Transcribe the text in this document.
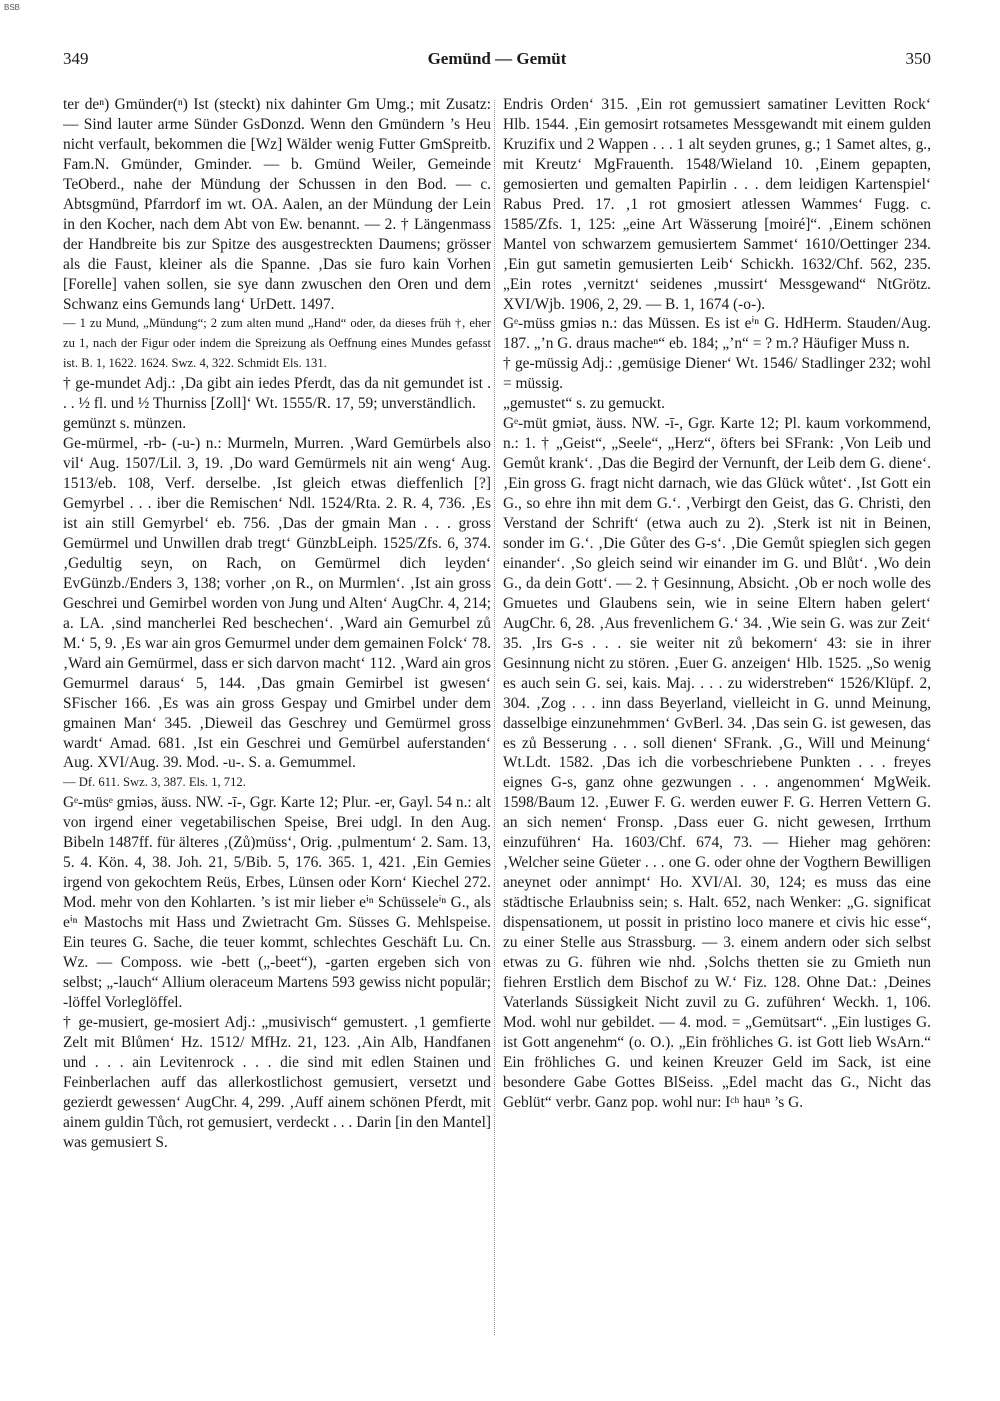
BSB
349	Gemünd — Gemüt	350

ter deⁿ) Gmünder(ⁿ) Ist (steckt) nix dahinter Gm Umg.; mit Zusatz: — Sind lauter arme Sünder GsDonzd. Wenn den Gmündern ’s Heu nicht verfault, bekommen die [Wz] Wälder wenig Futter GmSpreitb. Fam.N. Gmünder, Gminder. — b. Gmünd Weiler, Gemeinde TeOberd., nahe der Mündung der Schussen in den Bod. — c. Abtsgmünd, Pfarrdorf im wt. OA. Aalen, an der Mündung der Lein in den Kocher, nach dem Abt von Ew. benannt. — 2. † Längenmass der Handbreite bis zur Spitze des ausgestreckten Daumens; grösser als die Faust, kleiner als die Spanne. ‚Das sie furo kain Vorhen [Forelle] vahen sollen, sie sye dann zwuschen den Oren und dem Schwanz eins Gemunds lang‘ UrDett. 1497.

— 1 zu Mund, „Mündung“; 2 zum alten mund „Hand“ oder, da dieses früh †, eher zu 1, nach der Figur oder indem die Spreizung als Oeffnung eines Mundes gefasst ist. B. 1, 1622. 1624. Swz. 4, 322. Schmidt Els. 131.

† ge-mundet Adj.: ‚Da gibt ain iedes Pferdt, das da nit gemundet ist . . . ½ fl. und ½ Thurniss [Zoll]‘ Wt. 1555/R. 17, 59; unverständlich.

gemünzt s. münzen.

Ge-mürmel, -rb- (-u-) n.: Murmeln, Murren. ‚Ward Gemürbels also vil‘ Aug. 1507/Lil. 3, 19. ‚Do ward Gemürmels nit ain weng‘ Aug. 1513/eb. 108, Verf. derselbe. ‚Ist gleich etwas dieffenlich [?] Gemyrbel . . . iber die Remischen‘ Ndl. 1524/Rta. 2. R. 4, 736. ‚Es ist ain still Gemyrbel‘ eb. 756. ‚Das der gmain Man . . . gross Gemürmel und Unwillen drab tregt‘ GünzbLeiph. 1525/Zfs. 6, 374. ‚Gedultig seyn, on Rach, on Gemürmel dich leyden‘ EvGünzb./Enders 3, 138; vorher ‚on R., on Murmlen‘. ‚Ist ain gross Geschrei und Gemirbel worden von Jung und Alten‘ AugChr. 4, 214; a. LA. ‚sind mancherlei Red beschechen‘. ‚Ward ain Gemurbel zů M.‘ 5, 9. ‚Es war ain gros Gemurmel under dem gemainen Folck‘ 78. ‚Ward ain Gemürmel, dass er sich darvon macht‘ 112. ‚Ward ain gros Gemurmel daraus‘ 5, 144. ‚Das gmain Gemirbel ist gwesen‘ SFischer 166. ‚Es was ain gross Gespay und Gmirbel under dem gmainen Man‘ 345. ‚Dieweil das Geschrey und Gemürmel gross wardt‘ Amad. 681. ‚Ist ein Geschrei und Gemürbel auferstanden‘ Aug. XVI/Aug. 39. Mod. -u-. S. a. Gemummel.

— Df. 611. Swz. 3, 387. Els. 1, 712.

Gᵉ-müsᵉ gmiəs, äuss. NW. -ī-, Ggr. Karte 12; Plur. -er, Gayl. 54 n.: alt von irgend einer vegetabilischen Speise, Brei udgl. In den Aug. Bibeln 1487ff. für älteres ‚(Zů)müss‘, Orig. ‚pulmentum‘ 2. Sam. 13, 5. 4. Kön. 4, 38. Joh. 21, 5/Bib. 5, 176. 365. 1, 421. ‚Ein Gemies irgend von gekochtem Reüs, Erbes, Lünsen oder Korn‘ Kiechel 272. Mod. mehr von den Kohlarten. ’s ist mir lieber eⁱⁿ Schüsseleⁱⁿ G., als eⁱⁿ Mastochs mit Hass und Zwietracht Gm. Süsses G. Mehlspeise. Ein teures G. Sache, die teuer kommt, schlechtes Geschäft Lu. Cn. Wz. — Composs. wie -bett („-beet“), -garten ergeben sich von selbst; „-lauch“ Allium oleraceum Martens 593 gewiss nicht populär; -löffel Vorleglöffel.

† ge-musiert, ge-mosiert Adj.: „musivisch“ gemustert. ‚1 gemfierte Zelt mit Blůmen‘ Hz. 1512/ MfHz. 21, 123. ‚Ain Alb, Handfanen und . . . ain Levitenrock . . . die sind mit edlen Stainen und Feinberlachen auff das allerkostlichost gemusiert, versetzt und gezierdt gewessen‘ AugChr. 4, 299. ‚Auff ainem schönen Pferdt, mit ainem guldin Tůch, rot gemusiert, verdeckt . . . Darin [in den Mantel] was gemusiert S.

Endris Orden‘ 315. ‚Ein rot gemussiert samatiner Levitten Rock‘ Hlb. 1544. ‚Ein gemosirt rotsametes Messgewandt mit einem gulden Kruzifix und 2 Wappen . . . 1 alt seyden grunes, g.; 1 Samet altes, g., mit Kreutz‘ MgFrauenth. 1548/Wieland 10. ‚Einem gepapten, gemosierten und gemalten Papirlin . . . dem leidigen Kartenspiel‘ Rabus Pred. 17. ‚1 rot gmosiert atlessen Wammes‘ Fugg. c. 1585/Zfs. 1, 125: „eine Art Wässerung [moiré]“. ‚Einem schönen Mantel von schwarzem gemusiertem Sammet‘ 1610/Oettinger 234. ‚Ein gut sametin gemusierten Leib‘ Schickh. 1632/Chf. 562, 235. „Ein rotes ‚vernitzt‘ seidenes ‚mussirt‘ Messgewand“ NtGrötz. XVI/Wjb. 1906, 2, 29. — B. 1, 1674 (-o-).

Gᵉ-müss gmiəs n.: das Müssen. Es ist eⁱⁿ G. HdHerm. Stauden/Aug. 187. „’n G. draus macheⁿ“ eb. 184; „’n“ = ? m.? Häufiger Muss n.

† ge-müssig Adj.: ‚gemüsige Diener‘ Wt. 1546/ Stadlinger 232; wohl = müssig.

„gemustet“ s. zu gemuckt.

Gᵉ-müt gmiət, äuss. NW. -ī-, Ggr. Karte 12; Pl. kaum vorkommend, n.: 1. † „Geist“, „Seele“, „Herz“, öfters bei SFrank: ‚Von Leib und Gemůt krank‘. ‚Das die Begird der Vernunft, der Leib dem G. diene‘. ‚Ein gross G. fragt nicht darnach, wie das Glück wůtet‘. ‚Ist Gott ein G., so ehre ihn mit dem G.‘. ‚Verbirgt den Geist, das G. Christi, den Verstand der Schrift‘ (etwa auch zu 2). ‚Sterk ist nit in Beinen, sonder im G.‘. ‚Die Gůter des G-s‘. ‚Die Gemůt spieglen sich gegen einander‘. ‚So gleich seind wir einander im G. und Blůt‘. ‚Wo dein G., da dein Gott‘. — 2. † Gesinnung, Absicht. ‚Ob er noch wolle des Gmuetes und Glaubens sein, wie in seine Eltern haben gelert‘ AugChr. 6, 28. ‚Aus frevenlichem G.‘ 34. ‚Wie sein G. was zur Zeit‘ 35. ‚Irs G-s . . . sie weiter nit zů bekomern‘ 43: sie in ihrer Gesinnung nicht zu stören. ‚Euer G. anzeigen‘ Hlb. 1525. „So wenig es auch sein G. sei, kais. Maj. . . . zu widerstreben“ 1526/Klüpf. 2, 304. ‚Zog . . . inn dass Beyerland, vielleicht in G. unnd Meinung, dasselbige einzunehmmen‘ GvBerl. 34. ‚Das sein G. ist gewesen, das es zů Besserung . . . soll dienen‘ SFrank. ‚G., Will und Meinung‘ Wt.Ldt. 1582. ‚Das ich die vorbeschriebene Punkten . . . freyes eignes G-s, ganz ohne gezwungen . . . angenommen‘ MgWeik. 1598/Baum 12. ‚Euwer F. G. werden euwer F. G. Herren Vettern G. an sich nemen‘ Fronsp. ‚Dass euer G. nicht gewesen, Irrthum einzuführen‘ Ha. 1603/Chf. 674, 73. — Hieher mag gehören: ‚Welcher seine Güeter . . . one G. oder ohne der Vogthern Bewilligen aneynet oder annimpt‘ Ho. XVI/Al. 30, 124; es muss das eine städtische Erlaubniss sein; s. Halt. 652, nach Wenker: „G. significat dispensationem, ut possit in pristino loco manere et civis hic esse“, zu einer Stelle aus Strassburg. — 3. einem andern oder sich selbst etwas zu G. führen wie nhd. ‚Solchs thetten sie zu Gmieth nun fiehren Erstlich dem Bischof zu W.‘ Fiz. 128. Ohne Dat.: ‚Deines Vaterlands Süssigkeit Nicht zuvil zu G. zuführen‘ Weckh. 1, 106. Mod. wohl nur gebildet. — 4. mod. = „Gemütsart“. „Ein lustiges G. ist Gott angenehm“ (o. O.). „Ein fröhliches G. ist Gott lieb WsArn.“ Ein fröhliches G. und keinen Kreuzer Geld im Sack, ist eine besondere Gabe Gottes BlSeiss. „Edel macht das G., Nicht das Geblüt“ verbr. Ganz pop. wohl nur: Iᶜʰ hauⁿ ’s G.
